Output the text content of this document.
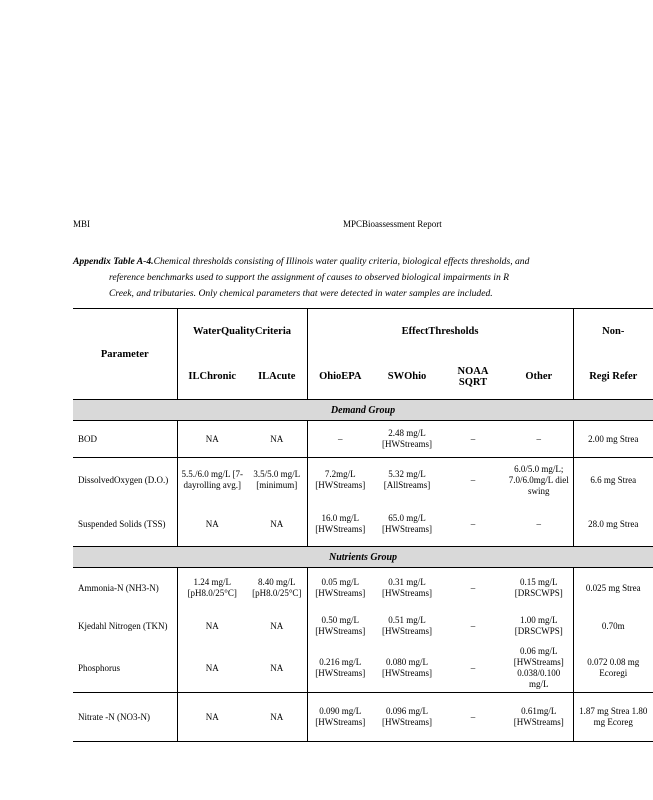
MBI	MPCBioassessment Report
Appendix Table A-4.Chemical thresholds consisting of Illinois water quality criteria, biological effects thresholds, and
reference benchmarks used to support the assignment of causes to observed biological impairments in R
Creek, and tributaries. Only chemical parameters that were detected in water samples are included.
Parameter	WaterQualityCriteria		EffectThresholds				Non-
	ILChronic	ILAcute	OhioEPA	SWOhio	NOAA SQRT	Other	Regi Refer
Demand Group							
BOD	NA	NA	–	2.48 mg/L [HWStreams]	–	–	2.00 mg Strea
DissolvedOxygen (D.O.)	5.5./6.0 mg/L [7-dayrolling avg.]	3.5/5.0 mg/L [minimum]	7.2mg/L [HWStreams]	5.32 mg/L [AllStreams]	–	6.0/5.0 mg/L; 7.0/6.0mg/L diel swing	6.6 mg Strea
Suspended Solids (TSS)	NA	NA	16.0 mg/L [HWStreams]	65.0 mg/L [HWStreams]	–	–	28.0 mg Strea
Nutrients Group							
Ammonia-N (NH3-N)	1.24 mg/L [pH8.0/25°C]	8.40 mg/L [pH8.0/25°C]	0.05 mg/L [HWStreams]	0.31 mg/L [HWStreams]	–	0.15 mg/L [DRSCWPS]	0.025 mg Strea
Kjedahl Nitrogen (TKN)	NA	NA	0.50 mg/L [HWStreams]	0.51 mg/L [HWStreams]	–	1.00 mg/L [DRSCWPS]	0.70m
Phosphorus	NA	NA	0.216 mg/L [HWStreams]	0.080 mg/L [HWStreams]	–	0.06 mg/L [HWStreams] 0.038/0.100 mg/L	0.072 0.08 mg Ecoregi
Nitrate -N (NO3-N)	NA	NA	0.090 mg/L [HWStreams]	0.096 mg/L [HWStreams]	–	0.61mg/L [HWStreams]	1.87 mg Strea 1.80 mg Ecoreg
